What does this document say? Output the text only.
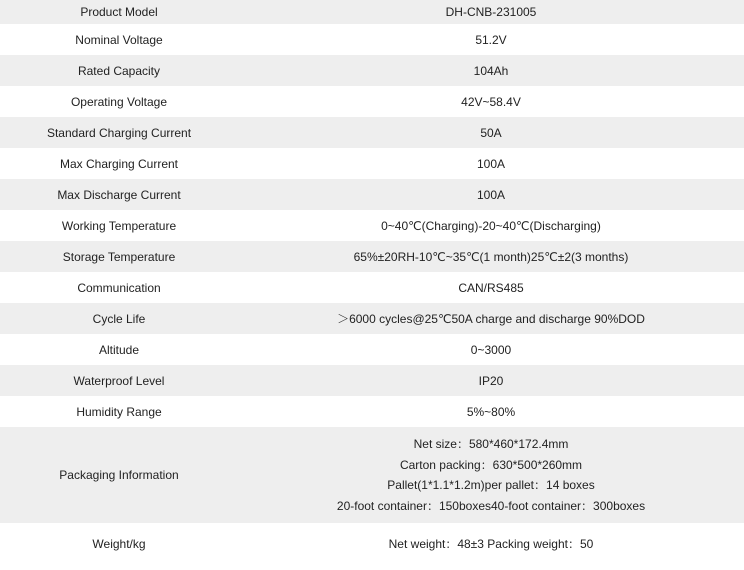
Product Model	DH-CNB-231005
Nominal Voltage	51.2V
Rated Capacity	104Ah
Operating Voltage	42V~58.4V
Standard Charging Current	50A
Max Charging Current	100A
Max Discharge Current	100A
Working Temperature	0~40℃(Charging)-20~40℃(Discharging)
Storage Temperature	65%±20RH-10℃~35℃(1 month)25℃±2(3 months)
Communication	CAN/RS485
Cycle Life	＞6000 cycles@25℃50A charge and discharge 90%DOD
Altitude	0~3000
Waterproof Level	IP20
Humidity Range	5%~80%
Packaging Information	Net size：580*460*172.4mm
Carton packing：630*500*260mm
Pallet(1*1.1*1.2m)per pallet：14 boxes
20-foot container：150boxes40-foot container：300boxes

Weight/kg	Net weight：48±3 Packing weight：50
